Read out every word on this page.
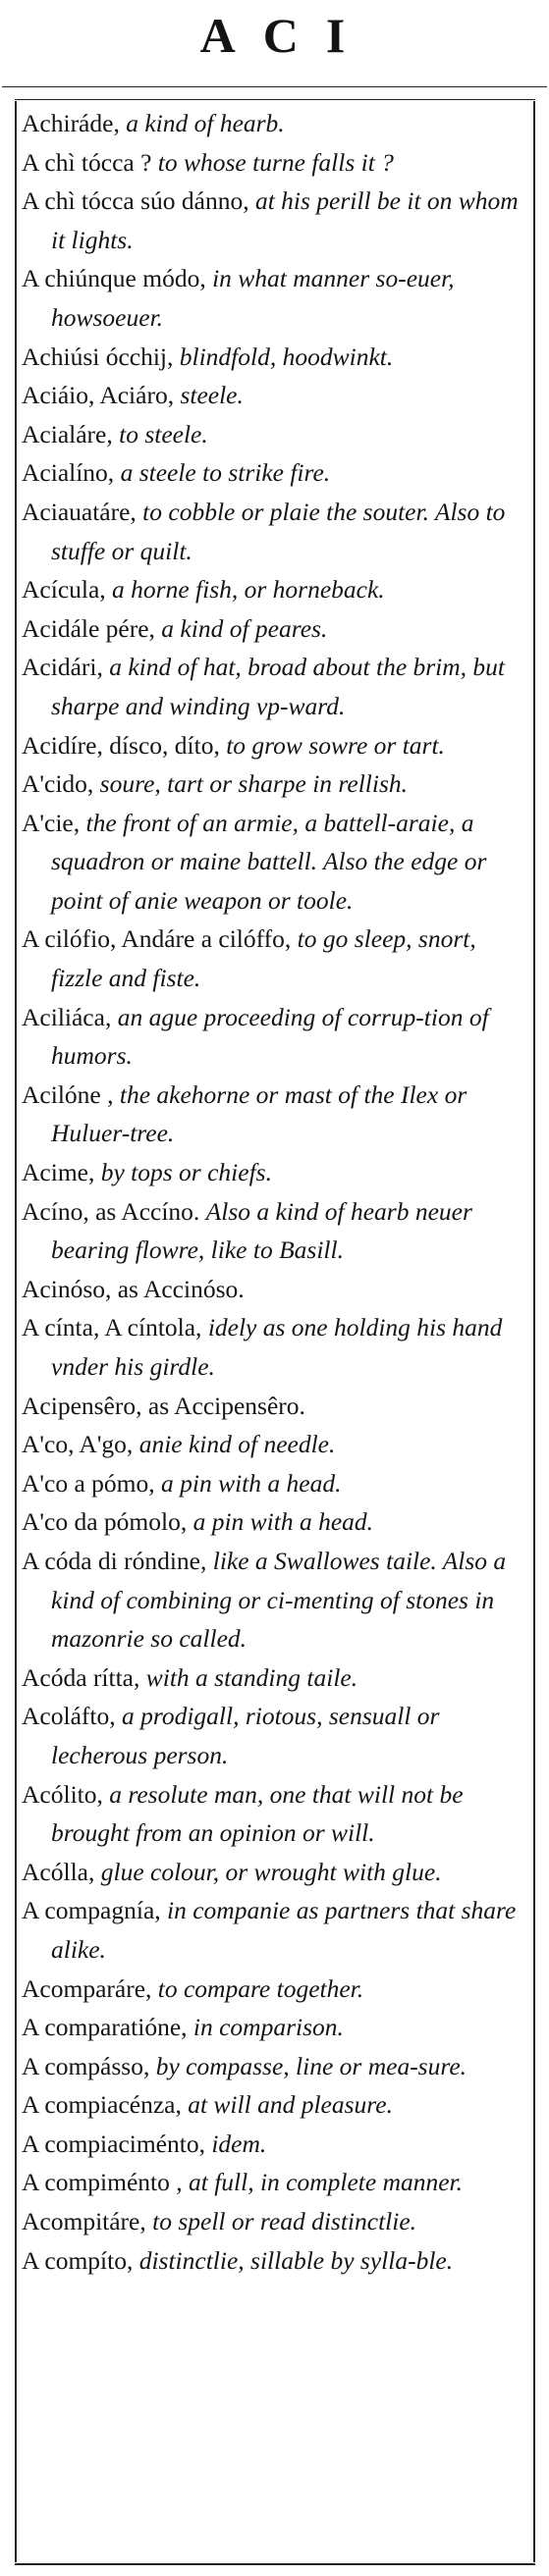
ACI

Achiráde, a kind of hearb.

A chì tócca ? to whose turne falls it ?

A chì tócca súo dánno, at his perill be it on whom it lights.

A chiúnque módo, in what manner so-euer, howsoeuer.

Achiúsi ócchij, blindfold, hoodwinkt.

Aciáio, Aciáro, steele.

Acialáre, to steele.

Acialíno, a steele to strike fire.

Aciauatáre, to cobble or plaie the souter. Also to stuffe or quilt.

Acícula, a horne fish, or horneback.

Acidále pére, a kind of peares.

Acidári, a kind of hat, broad about the brim, but sharpe and winding vp-ward.

Acidíre, dísco, díto, to grow sowre or tart.

A'cido, soure, tart or sharpe in rellish.

A'cie, the front of an armie, a battell-araie, a squadron or maine battell. Also the edge or point of anie weapon or toole.

A cilófio, Andáre a cilóffo, to go sleep, snort, fizzle and fiste.

Aciliáca, an ague proceeding of corrup-tion of humors.

Acilóne , the akehorne or mast of the Ilex or Huluer-tree.

Acime, by tops or chiefs.

Acíno, as Accíno. Also a kind of hearb neuer bearing flowre, like to Basill.

Acinóso, as Accinóso.

A cínta, A cíntola, idely as one holding his hand vnder his girdle.

Acipensêro, as Accipensêro.

A'co, A'go, anie kind of needle.

A'co a pómo, a pin with a head.

A'co da pómolo, a pin with a head.

A códa di róndine, like a Swallowes taile. Also a kind of combining or ci-menting of stones in mazonrie so called.

Acóda rítta, with a standing taile.

Acoláfto, a prodigall, riotous, sensuall or lecherous person.

Acólito, a resolute man, one that will not be brought from an opinion or will.

Acólla, glue colour, or wrought with glue.

A compagnía, in companie as partners that share alike.

Acomparáre, to compare together.

A comparatióne, in comparison.

A compásso, by compasse, line or mea-sure.

A compiacénza, at will and pleasure.

A compiaciménto, idem.

A compiménto , at full, in complete manner.

Acompitáre, to spell or read distinctlie.

A compíto, distinctlie, sillable by sylla-ble.
